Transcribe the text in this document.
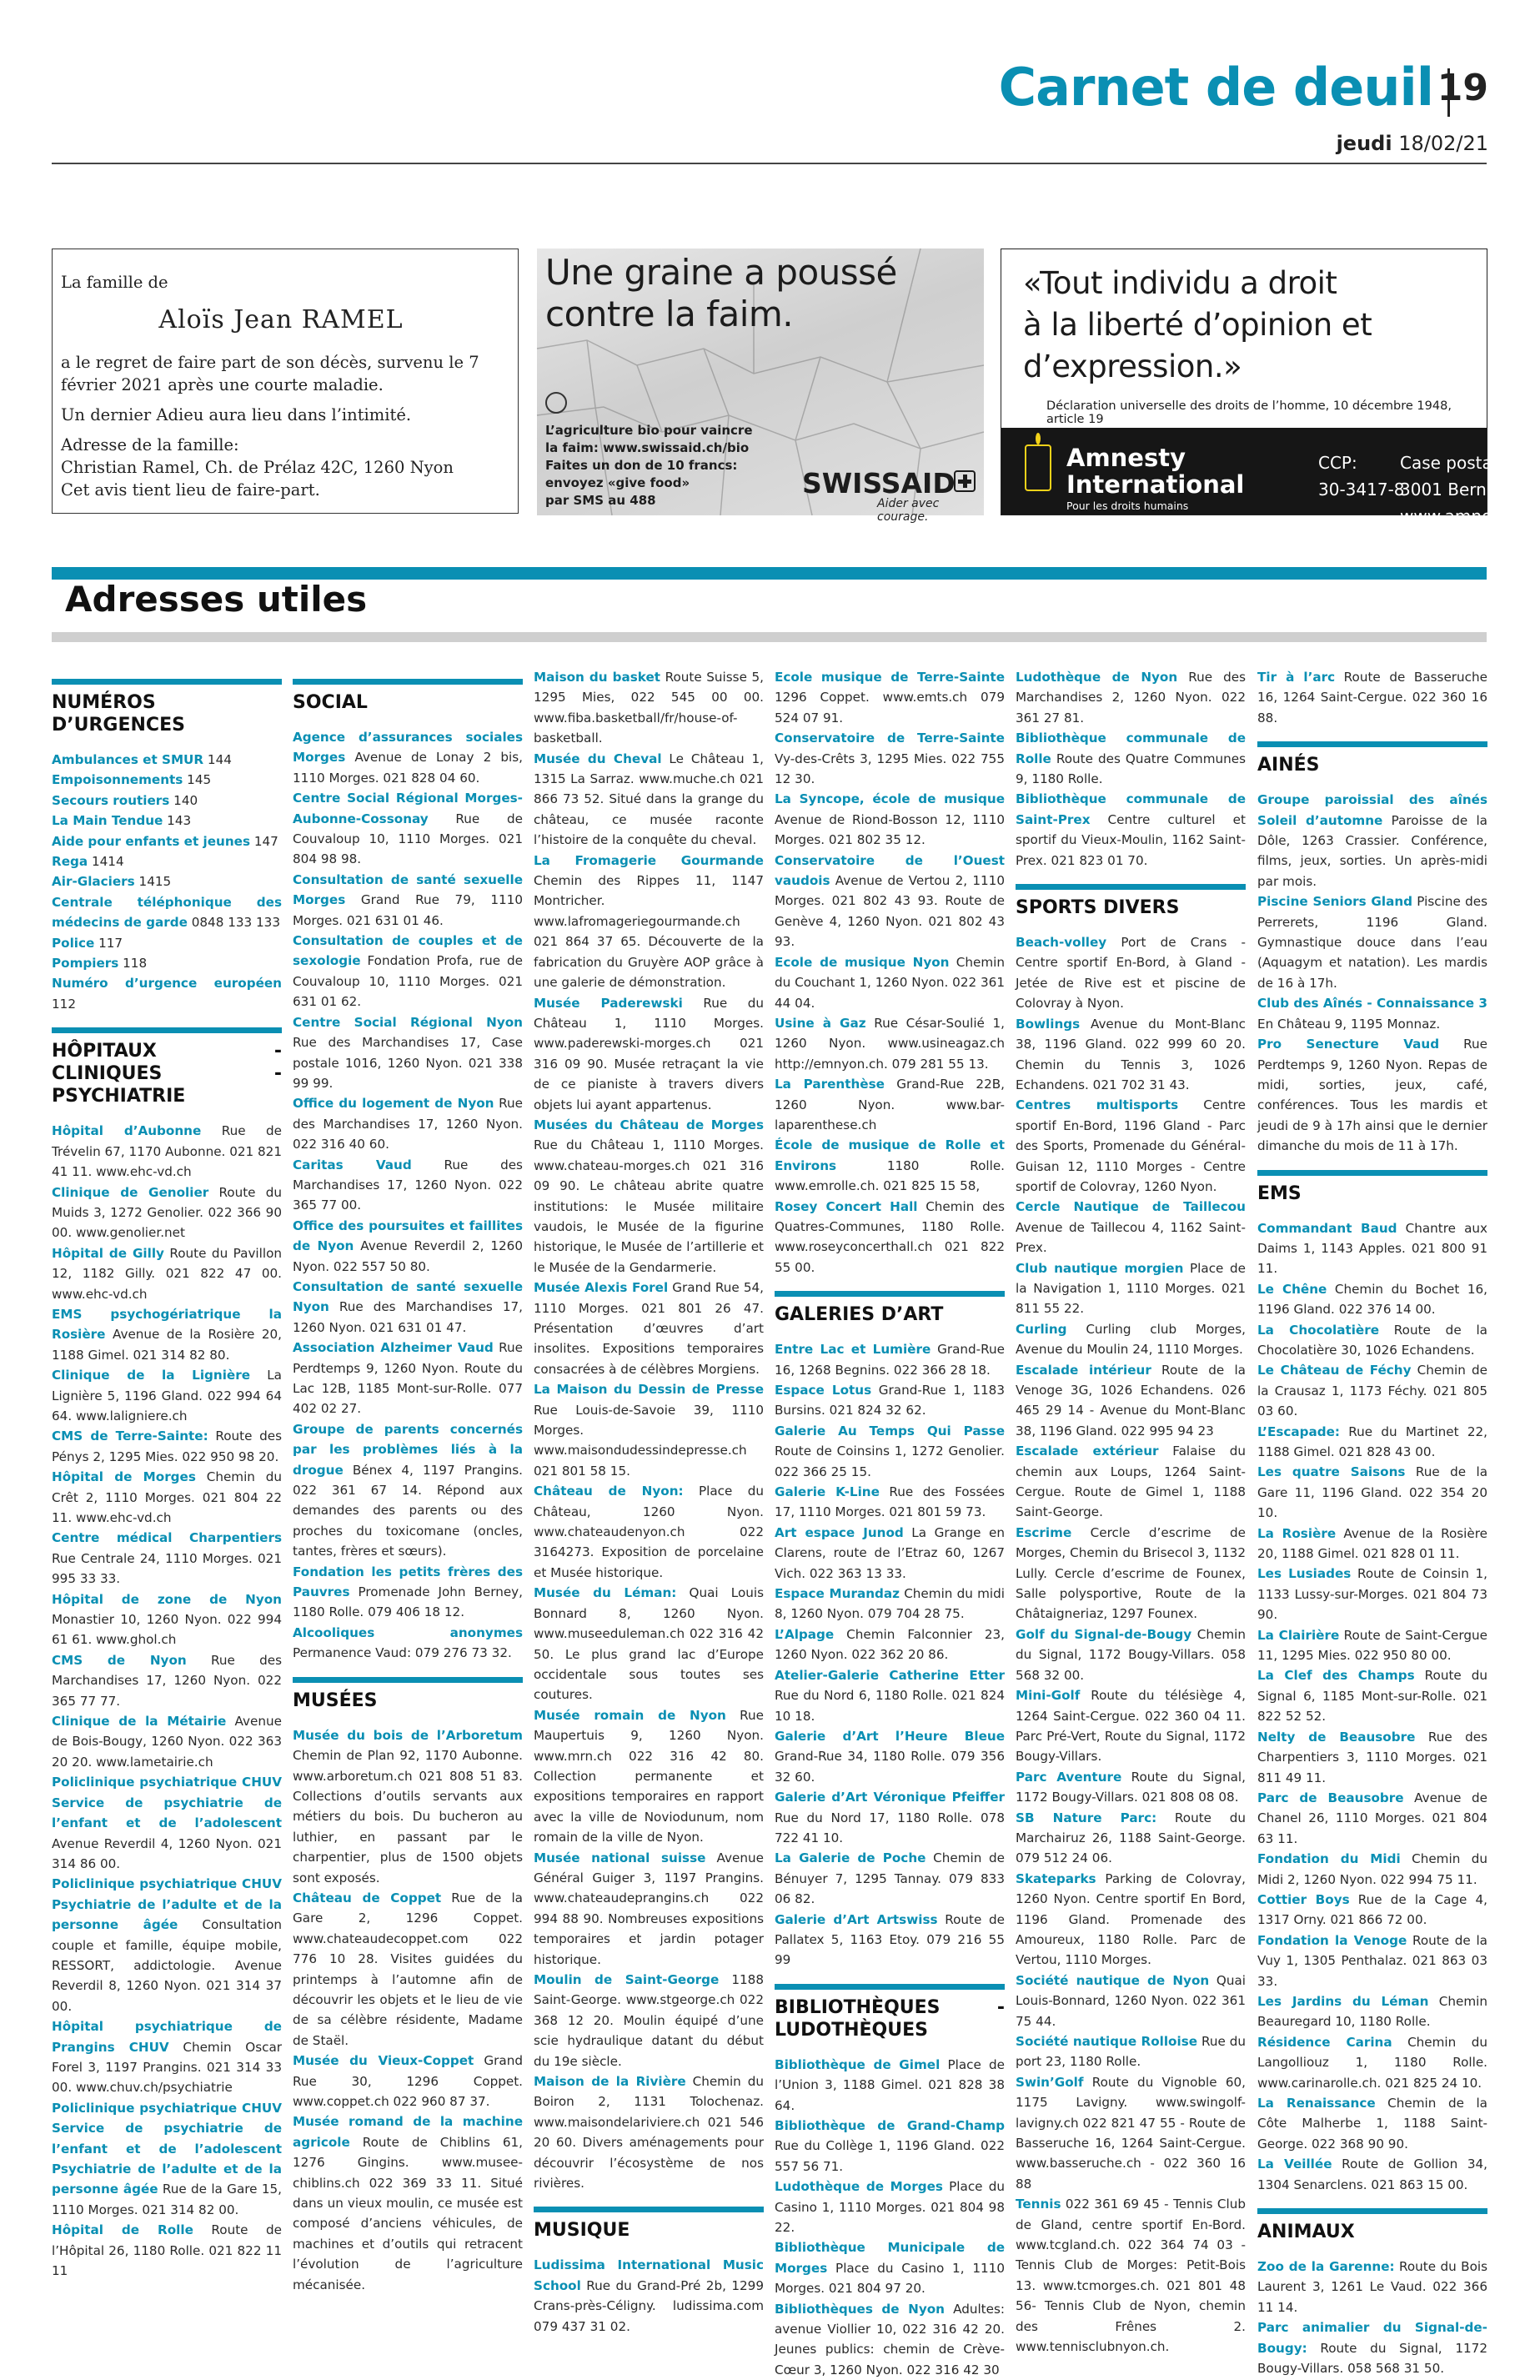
Carnet de deuil 19
jeudi 18/02/21

La famille de

Aloïs Jean RAMEL

a le regret de faire part de son décès, survenu le 7 février 2021 après une courte maladie.

Un dernier Adieu aura lieu dans l’intimité.

Adresse de la famille:

Christian Ramel, Ch. de Prélaz 42C, 1260 Nyon

Cet avis tient lieu de faire-part.

Une graine a poussé
contre la faim.
L’agriculture bio pour vaincre
la faim: www.swissaid.ch/bio
Faites un don de 10 francs:
envoyez «give food»
par SMS au 488
SWISSAID
Aider avec courage.
«Tout individu a droit
à la liberté d’opinion et
d’expression.»
Déclaration universelle des droits de l’homme, 10 décembre 1948, article 19
Amnesty
International
Pour les droits humains
CCP:
30-3417-8
Case postale, 3001 Berne
www.amnesty.ch
Adresses utiles
NUMÉROS D’URGENCES
Ambulances et SMUR 144
Empoisonnements 145
Secours routiers 140
La Main Tendue 143
Aide pour enfants et jeunes 147
Rega 1414
Air-Glaciers 1415
Centrale téléphonique des médecins de garde 0848 133 133
Police 117
Pompiers 118
Numéro d’urgence européen 112
HÔPITAUX - CLINIQUES - PSYCHIATRIE
Hôpital d’Aubonne Rue de Trévelin 67, 1170 Aubonne. 021 821 41 11. www.ehc-vd.ch
Clinique de Genolier Route du Muids 3, 1272 Genolier. 022 366 90 00. www.genolier.net
Hôpital de Gilly Route du Pavillon 12, 1182 Gilly. 021 822 47 00. www.ehc-vd.ch
EMS psychogériatrique la Rosière Avenue de la Rosière 20, 1188 Gimel. 021 314 82 80.
Clinique de la Lignière La Lignière 5, 1196 Gland. 022 994 64 64. www.laligniere.ch
CMS de Terre-Sainte: Route des Pénys 2, 1295 Mies. 022 950 98 20.
Hôpital de Morges Chemin du Crêt 2, 1110 Morges. 021 804 22 11. www.ehc-vd.ch
Centre médical Charpentiers Rue Centrale 24, 1110 Morges. 021 995 33 33.
Hôpital de zone de Nyon Monastier 10, 1260 Nyon. 022 994 61 61. www.ghol.ch
CMS de Nyon Rue des Marchandises 17, 1260 Nyon. 022 365 77 77.
Clinique de la Métairie Avenue de Bois-Bougy, 1260 Nyon. 022 363 20 20. www.lametairie.ch
Policlinique psychiatrique CHUV Service de psychiatrie de l’enfant et de l’adolescent Avenue Reverdil 4, 1260 Nyon. 021 314 86 00.
Policlinique psychiatrique CHUV Psychiatrie de l’adulte et de la personne âgée Consultation couple et famille, équipe mobile, RESSORT, addictologie. Avenue Reverdil 8, 1260 Nyon. 021 314 37 00.
Hôpital psychiatrique de Prangins CHUV Chemin Oscar Forel 3, 1197 Prangins. 021 314 33 00. www.chuv.ch/psychiatrie
Policlinique psychiatrique CHUV Service de psychiatrie de l’enfant et de l’adolescent Psychiatrie de l’adulte et de la personne âgée Rue de la Gare 15, 1110 Morges. 021 314 82 00.
Hôpital de Rolle Route de l’Hôpital 26, 1180 Rolle. 021 822 11 11
SOCIAL
Agence d’assurances sociales Morges Avenue de Lonay 2 bis, 1110 Morges. 021 828 04 60.
Centre Social Régional Morges-Aubonne-Cossonay Rue de Couvaloup 10, 1110 Morges. 021 804 98 98.
Consultation de santé sexuelle Morges Grand Rue 79, 1110 Morges. 021 631 01 46.
Consultation de couples et de sexologie Fondation Profa, rue de Couvaloup 10, 1110 Morges. 021 631 01 62.
Centre Social Régional Nyon Rue des Marchandises 17, Case postale 1016, 1260 Nyon. 021 338 99 99.
Office du logement de Nyon Rue des Marchandises 17, 1260 Nyon. 022 316 40 60.
Caritas Vaud Rue des Marchandises 17, 1260 Nyon. 022 365 77 00.
Office des poursuites et faillites de Nyon Avenue Reverdil 2, 1260 Nyon. 022 557 50 80.
Consultation de santé sexuelle Nyon Rue des Marchandises 17, 1260 Nyon. 021 631 01 47.
Association Alzheimer Vaud Rue Perdtemps 9, 1260 Nyon. Route du Lac 12B, 1185 Mont-sur-Rolle. 077 402 02 27.
Groupe de parents concernés par les problèmes liés à la drogue Bénex 4, 1197 Prangins. 022 361 67 14. Répond aux demandes des parents ou des proches du toxicomane (oncles, tantes, frères et sœurs).
Fondation les petits frères des Pauvres Promenade John Berney, 1180 Rolle. 079 406 18 12.
Alcooliques anonymes Permanence Vaud: 079 276 73 32.
MUSÉES
Musée du bois de l’Arboretum Chemin de Plan 92, 1170 Aubonne. www.arboretum.ch 021 808 51 83. Collections d’outils servants aux métiers du bois. Du bucheron au luthier, en passant par le charpentier, plus de 1500 objets sont exposés.
Château de Coppet Rue de la Gare 2, 1296 Coppet. www.chateaudecoppet.com 022 776 10 28. Visites guidées du printemps à l’automne afin de découvrir les objets et le lieu de vie de sa célèbre résidente, Madame de Staël.
Musée du Vieux-Coppet Grand Rue 30, 1296 Coppet. www.coppet.ch 022 960 87 37.
Musée romand de la machine agricole Route de Chiblins 61, 1276 Gingins. www.musee-chiblins.ch 022 369 33 11. Situé dans un vieux moulin, ce musée est composé d’anciens véhicules, de machines et d’outils qui retracent l’évolution de l’agriculture mécanisée.
Maison du basket Route Suisse 5, 1295 Mies, 022 545 00 00. www.fiba.basketball/fr/house-of-basketball.
Musée du Cheval Le Château 1, 1315 La Sarraz. www.muche.ch 021 866 73 52. Situé dans la grange du château, ce musée raconte l’histoire de la conquête du cheval.
La Fromagerie Gourmande Chemin des Rippes 11, 1147 Montricher. www.lafromageriegourmande.ch 021 864 37 65. Découverte de la fabrication du Gruyère AOP grâce à une galerie de démonstration.
Musée Paderewski Rue du Château 1, 1110 Morges. www.paderewski-morges.ch 021 316 09 90. Musée retraçant la vie de ce pianiste à travers divers objets lui ayant appartenus.
Musées du Château de Morges Rue du Château 1, 1110 Morges. www.chateau-morges.ch 021 316 09 90. Le château abrite quatre institutions: le Musée militaire vaudois, le Musée de la figurine historique, le Musée de l’artillerie et le Musée de la Gendarmerie.
Musée Alexis Forel Grand Rue 54, 1110 Morges. 021 801 26 47. Présentation d’œuvres d’art insolites. Expositions temporaires consacrées à de célèbres Morgiens.
La Maison du Dessin de Presse Rue Louis-de-Savoie 39, 1110 Morges. www.maisondudessindepresse.ch 021 801 58 15.
Château de Nyon: Place du Château, 1260 Nyon. www.chateaudenyon.ch 022 3164273. Exposition de porcelaine et Musée historique.
Musée du Léman: Quai Louis Bonnard 8, 1260 Nyon. www.museeduleman.ch 022 316 42 50. Le plus grand lac d’Europe occidentale sous toutes ses coutures.
Musée romain de Nyon Rue Maupertuis 9, 1260 Nyon. www.mrn.ch 022 316 42 80. Collection permanente et expositions temporaires en rapport avec la ville de Noviodunum, nom romain de la ville de Nyon.
Musée national suisse Avenue Général Guiger 3, 1197 Prangins. www.chateaudeprangins.ch 022 994 88 90. Nombreuses expositions temporaires et jardin potager historique.
Moulin de Saint-George 1188 Saint-George. www.stgeorge.ch 022 368 12 20. Moulin équipé d’une scie hydraulique datant du début du 19e siècle.
Maison de la Rivière Chemin du Boiron 2, 1131 Tolochenaz. www.maisondelariviere.ch 021 546 20 60. Divers aménagements pour découvrir l’écosystème de nos rivières.
MUSIQUE
Ludissima International Music School Rue du Grand-Pré 2b, 1299 Crans-près-Céligny. ludissima.com 079 437 31 02.
Ecole musique de Terre-Sainte 1296 Coppet. www.emts.ch 079 524 07 91.
Conservatoire de Terre-Sainte Vy-des-Crêts 3, 1295 Mies. 022 755 12 30.
La Syncope, école de musique Avenue de Riond-Bosson 12, 1110 Morges. 021 802 35 12.
Conservatoire de l’Ouest vaudois Avenue de Vertou 2, 1110 Morges. 021 802 43 93. Route de Genève 4, 1260 Nyon. 021 802 43 93.
Ecole de musique Nyon Chemin du Couchant 1, 1260 Nyon. 022 361 44 04.
Usine à Gaz Rue César-Soulié 1, 1260 Nyon. www.usineagaz.ch http://emnyon.ch. 079 281 55 13.
La Parenthèse Grand-Rue 22B, 1260 Nyon. www.bar-laparenthese.ch
École de musique de Rolle et Environs 1180 Rolle. www.emrolle.ch. 021 825 15 58,
Rosey Concert Hall Chemin des Quatres-Communes, 1180 Rolle. www.roseyconcerthall.ch 021 822 55 00.
GALERIES D’ART
Entre Lac et Lumière Grand-Rue 16, 1268 Begnins. 022 366 28 18.
Espace Lotus Grand-Rue 1, 1183 Bursins. 021 824 32 62.
Galerie Au Temps Qui Passe Route de Coinsins 1, 1272 Genolier. 022 366 25 15.
Galerie K-Line Rue des Fossées 17, 1110 Morges. 021 801 59 73.
Art espace Junod La Grange en Clarens, route de l’Etraz 60, 1267 Vich. 022 363 13 33.
Espace Murandaz Chemin du midi 8, 1260 Nyon. 079 704 28 75.
L’Alpage Chemin Falconnier 23, 1260 Nyon. 022 362 20 86.
Atelier-Galerie Catherine Etter Rue du Nord 6, 1180 Rolle. 021 824 10 18.
Galerie d’Art l’Heure Bleue Grand-Rue 34, 1180 Rolle. 079 356 32 60.
Galerie d’Art Véronique Pfeiffer Rue du Nord 17, 1180 Rolle. 078 722 41 10.
La Galerie de Poche Chemin de Bénuyer 7, 1295 Tannay. 079 833 06 82.
Galerie d’Art Artswiss Route de Pallatex 5, 1163 Etoy. 079 216 55 99
BIBLIOTHÈQUES - LUDOTHÈQUES
Bibliothèque de Gimel Place de l’Union 3, 1188 Gimel. 021 828 38 64.
Bibliothèque de Grand-Champ Rue du Collège 1, 1196 Gland. 022 557 56 71.
Ludothèque de Morges Place du Casino 1, 1110 Morges. 021 804 98 22.
Bibliothèque Municipale de Morges Place du Casino 1, 1110 Morges. 021 804 97 20.
Bibliothèques de Nyon Adultes: avenue Viollier 10, 022 316 42 20. Jeunes publics: chemin de Crève-Cœur 3, 1260 Nyon. 022 316 42 30
Ludothèque de Nyon Rue des Marchandises 2, 1260 Nyon. 022 361 27 81.
Bibliothèque communale de Rolle Route des Quatre Communes 9, 1180 Rolle.
Bibliothèque communale de Saint-Prex Centre culturel et sportif du Vieux-Moulin, 1162 Saint-Prex. 021 823 01 70.
SPORTS DIVERS
Beach-volley Port de Crans - Centre sportif En-Bord, à Gland - Jetée de Rive est et piscine de Colovray à Nyon.
Bowlings Avenue du Mont-Blanc 38, 1196 Gland. 022 999 60 20. Chemin du Tennis 3, 1026 Echandens. 021 702 31 43.
Centres multisports Centre sportif En-Bord, 1196 Gland - Parc des Sports, Promenade du Général-Guisan 12, 1110 Morges - Centre sportif de Colovray, 1260 Nyon.
Cercle Nautique de Taillecou Avenue de Taillecou 4, 1162 Saint-Prex.
Club nautique morgien Place de la Navigation 1, 1110 Morges. 021 811 55 22.
Curling Curling club Morges, Avenue du Moulin 24, 1110 Morges.
Escalade intérieur Route de la Venoge 3G, 1026 Echandens. 026 465 29 14 - Avenue du Mont-Blanc 38, 1196 Gland. 022 995 94 23
Escalade extérieur Falaise du chemin aux Loups, 1264 Saint-Cergue. Route de Gimel 1, 1188 Saint-George.
Escrime Cercle d’escrime de Morges, Chemin du Brisecol 3, 1132 Lully. Cercle d’escrime de Founex, Salle polysportive, Route de la Châtaigneriaz, 1297 Founex.
Golf du Signal-de-Bougy Chemin du Signal, 1172 Bougy-Villars. 058 568 32 00.
Mini-Golf Route du télésiège 4, 1264 Saint-Cergue. 022 360 04 11. Parc Pré-Vert, Route du Signal, 1172 Bougy-Villars.
Parc Aventure Route du Signal, 1172 Bougy-Villars. 021 808 08 08.
SB Nature Parc: Route du Marchairuz 26, 1188 Saint-George. 079 512 24 06.
Skateparks Parking de Colovray, 1260 Nyon. Centre sportif En Bord, 1196 Gland. Promenade des Amoureux, 1180 Rolle. Parc de Vertou, 1110 Morges.
Société nautique de Nyon Quai Louis-Bonnard, 1260 Nyon. 022 361 75 44.
Société nautique Rolloise Rue du port 23, 1180 Rolle.
Swin’Golf Route du Vignoble 60, 1175 Lavigny. www.swingolf-lavigny.ch 022 821 47 55 - Route de Basseruche 16, 1264 Saint-Cergue. www.basseruche.ch - 022 360 16 88
Tennis 022 361 69 45 - Tennis Club de Gland, centre sportif En-Bord. www.tcgland.ch. 022 364 74 03 - Tennis Club de Morges: Petit-Bois 13. www.tcmorges.ch. 021 801 48 56- Tennis Club de Nyon, chemin des Frênes 2. www.tennisclubnyon.ch.
Tir à l’arc Route de Basseruche 16, 1264 Saint-Cergue. 022 360 16 88.
AINÉS
Groupe paroissial des aînés Soleil d’automne Paroisse de la Dôle, 1263 Crassier. Conférence, films, jeux, sorties. Un après-midi par mois.
Piscine Seniors Gland Piscine des Perrerets, 1196 Gland. Gymnastique douce dans l’eau (Aquagym et natation). Les mardis de 16 à 17h.
Club des Aînés - Connaissance 3 En Château 9, 1195 Monnaz.
Pro Senecture Vaud Rue Perdtemps 9, 1260 Nyon. Repas de midi, sorties, jeux, café, conférences. Tous les mardis et jeudi de 9 à 17h ainsi que le dernier dimanche du mois de 11 à 17h.
EMS
Commandant Baud Chantre aux Daims 1, 1143 Apples. 021 800 91 11.
Le Chêne Chemin du Bochet 16, 1196 Gland. 022 376 14 00.
La Chocolatière Route de la Chocolatière 30, 1026 Echandens.
Le Château de Féchy Chemin de la Crausaz 1, 1173 Féchy. 021 805 03 60.
L’Escapade: Rue du Martinet 22, 1188 Gimel. 021 828 43 00.
Les quatre Saisons Rue de la Gare 11, 1196 Gland. 022 354 20 10.
La Rosière Avenue de la Rosière 20, 1188 Gimel. 021 828 01 11.
Les Lusiades Route de Coinsin 1, 1133 Lussy-sur-Morges. 021 804 73 90.
La Clairière Route de Saint-Cergue 11, 1295 Mies. 022 950 80 00.
La Clef des Champs Route du Signal 6, 1185 Mont-sur-Rolle. 021 822 52 52.
Nelty de Beausobre Rue des Charpentiers 3, 1110 Morges. 021 811 49 11.
Parc de Beausobre Avenue de Chanel 26, 1110 Morges. 021 804 63 11.
Fondation du Midi Chemin du Midi 2, 1260 Nyon. 022 994 75 11.
Cottier Boys Rue de la Cage 4, 1317 Orny. 021 866 72 00.
Fondation la Venoge Route de la Vuy 1, 1305 Penthalaz. 021 863 03 33.
Les Jardins du Léman Chemin Beauregard 10, 1180 Rolle.
Résidence Carina Chemin du Langolliouz 1, 1180 Rolle. www.carinarolle.ch. 021 825 24 10.
La Renaissance Chemin de la Côte Malherbe 1, 1188 Saint-George. 022 368 90 90.
La Veillée Route de Gollion 34, 1304 Senarclens. 021 863 15 00.
ANIMAUX
Zoo de la Garenne: Route du Bois Laurent 3, 1261 Le Vaud. 022 366 11 14.
Parc animalier du Signal-de-Bougy: Route du Signal, 1172 Bougy-Villars. 058 568 31 50.
